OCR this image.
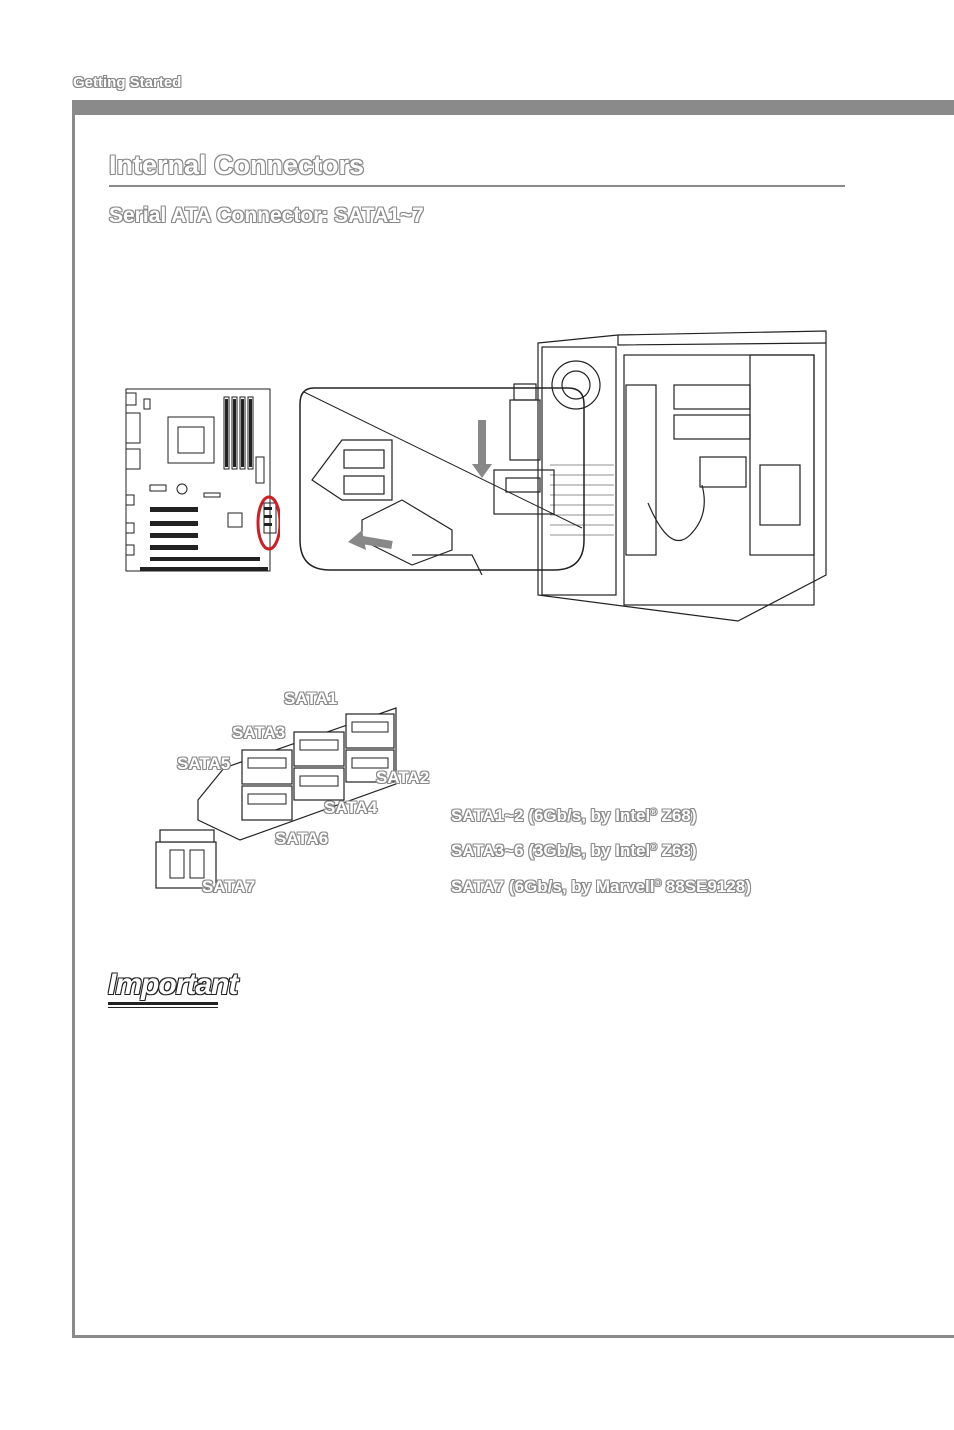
Getting Started
Internal Connectors
Serial ATA Connector: SATA1~7
SATA1
SATA3
SATA5
SATA2
SATA4
SATA6
SATA7
SATA1~2 (6Gb/s, by Intel® Z68)
SATA3~6 (3Gb/s, by Intel® Z68)
SATA7 (6Gb/s, by Marvell® 88SE9128)
Important
